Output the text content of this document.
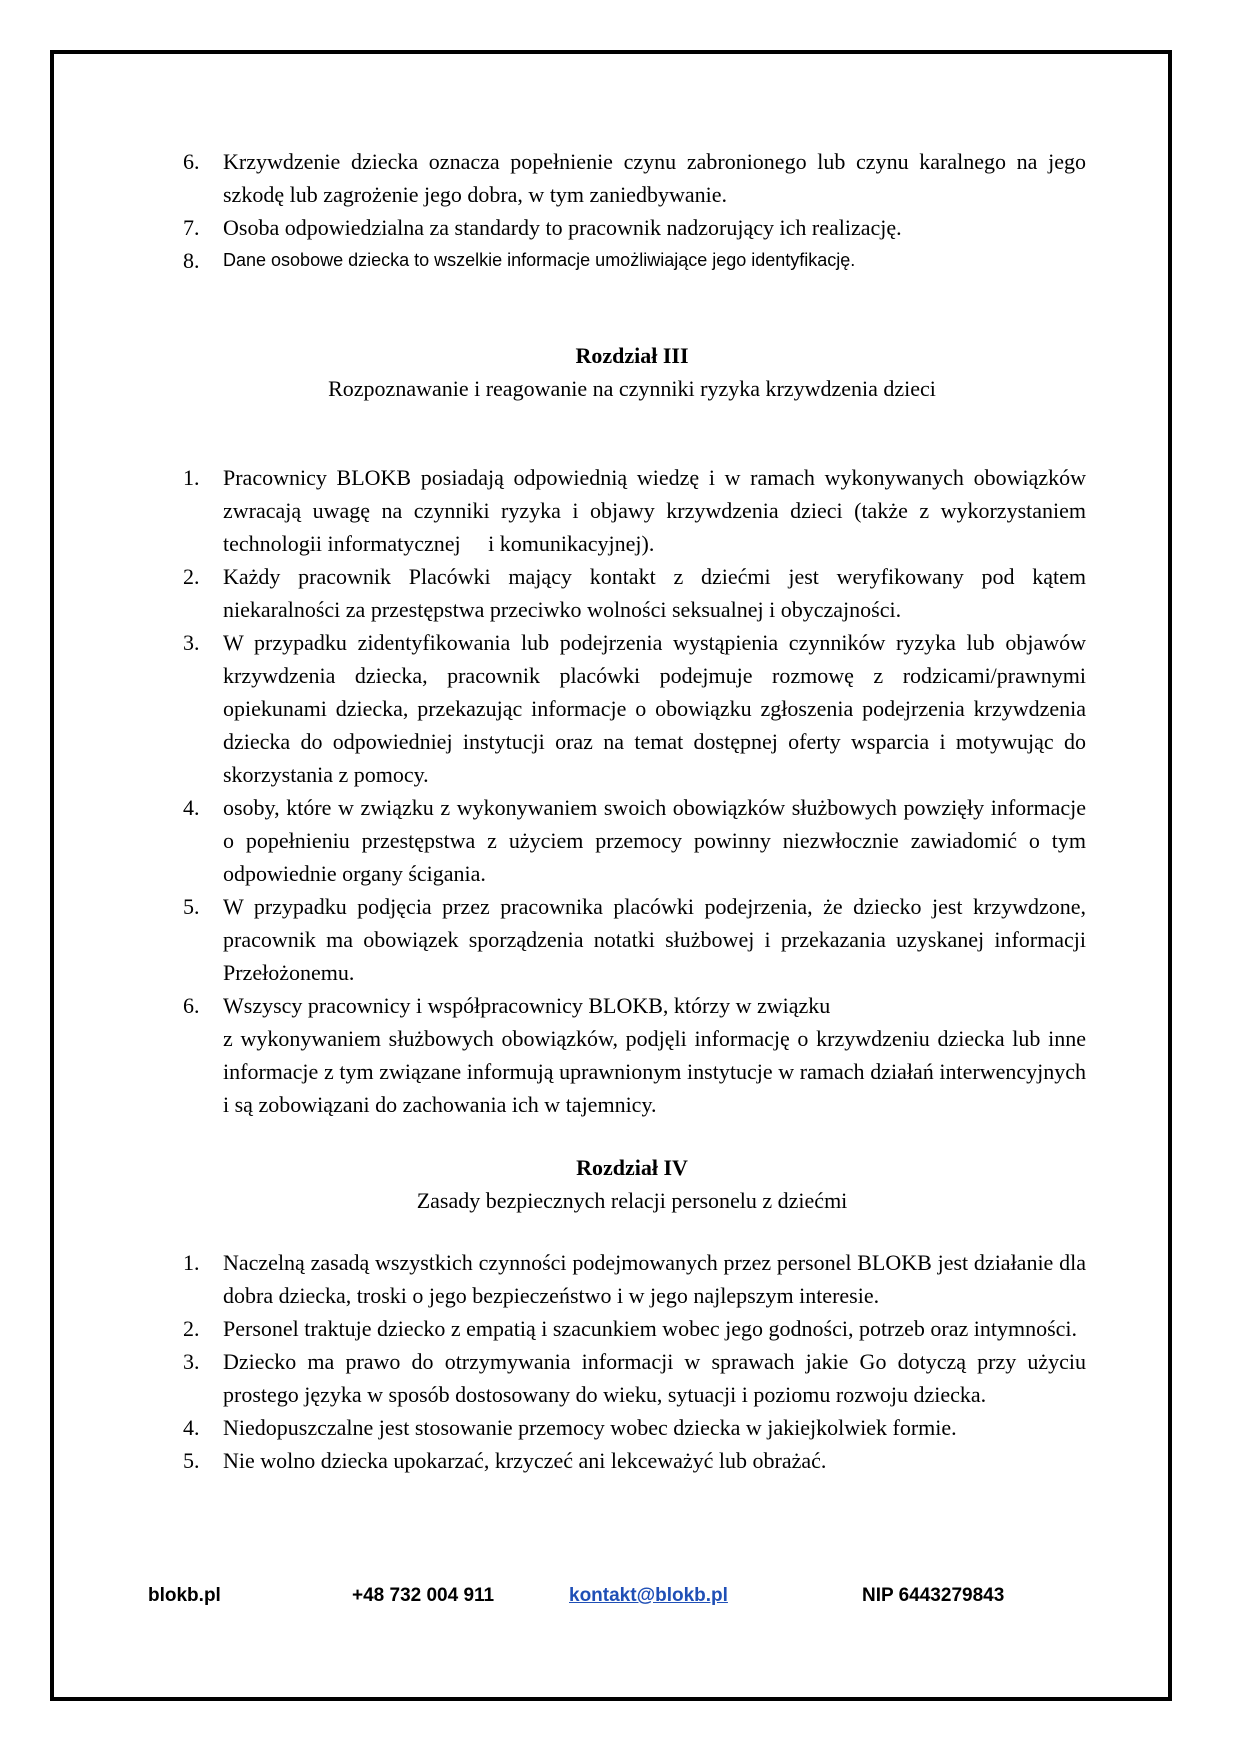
6. Krzywdzenie dziecka oznacza popełnienie czynu zabronionego lub czynu karalnego na jego szkodę lub zagrożenie jego dobra, w tym zaniedbywanie.
7. Osoba odpowiedzialna za standardy to pracownik nadzorujący ich realizację.
8. Dane osobowe dziecka to wszelkie informacje umożliwiające jego identyfikację.
Rozdział III
Rozpoznawanie i reagowanie na czynniki ryzyka krzywdzenia dzieci
1. Pracownicy BLOKB posiadają odpowiednią wiedzę i w ramach wykonywanych obowiązków zwracają uwagę na czynniki ryzyka i objawy krzywdzenia dzieci (także z wykorzystaniem technologii informatycznej     i komunikacyjnej).
2. Każdy pracownik Placówki mający kontakt z dziećmi jest weryfikowany pod kątem niekaralności za przestępstwa przeciwko wolności seksualnej i obyczajności.
3. W przypadku zidentyfikowania lub podejrzenia wystąpienia czynników ryzyka lub objawów krzywdzenia dziecka, pracownik placówki podejmuje rozmowę z rodzicami/prawnymi opiekunami dziecka, przekazując informacje o obowiązku zgłoszenia podejrzenia krzywdzenia dziecka do odpowiedniej instytucji oraz na temat dostępnej oferty wsparcia i motywując do skorzystania z pomocy.
4. osoby, które w związku z wykonywaniem swoich obowiązków służbowych powzięły informacje o popełnieniu przestępstwa z użyciem przemocy powinny niezwłocznie zawiadomić o tym odpowiednie organy ścigania.
5. W przypadku podjęcia przez pracownika placówki podejrzenia, że dziecko jest krzywdzone, pracownik ma obowiązek sporządzenia notatki służbowej i przekazania uzyskanej informacji Przełożonemu.
6. Wszyscy pracownicy i współpracownicy BLOKB, którzy w związku
z wykonywaniem służbowych obowiązków, podjęli informację o krzywdzeniu dziecka lub inne informacje z tym związane informują uprawnionym instytucje w ramach działań interwencyjnych i są zobowiązani do zachowania ich w tajemnicy.
Rozdział IV
Zasady bezpiecznych relacji personelu z dziećmi
1. Naczelną zasadą wszystkich czynności podejmowanych przez personel BLOKB jest działanie dla dobra dziecka, troski o jego bezpieczeństwo i w jego najlepszym interesie.
2. Personel traktuje dziecko z empatią i szacunkiem wobec jego godności, potrzeb oraz intymności.
3. Dziecko ma prawo do otrzymywania informacji w sprawach jakie Go dotyczą przy użyciu prostego języka w sposób dostosowany do wieku, sytuacji i poziomu rozwoju dziecka.
4. Niedopuszczalne jest stosowanie przemocy wobec dziecka w jakiejkolwiek formie.
5. Nie wolno dziecka upokarzać, krzyczeć ani lekceważyć lub obrażać.
blokb.pl	+48 732 004 911	kontakt@blokb.pl	NIP 6443279843
